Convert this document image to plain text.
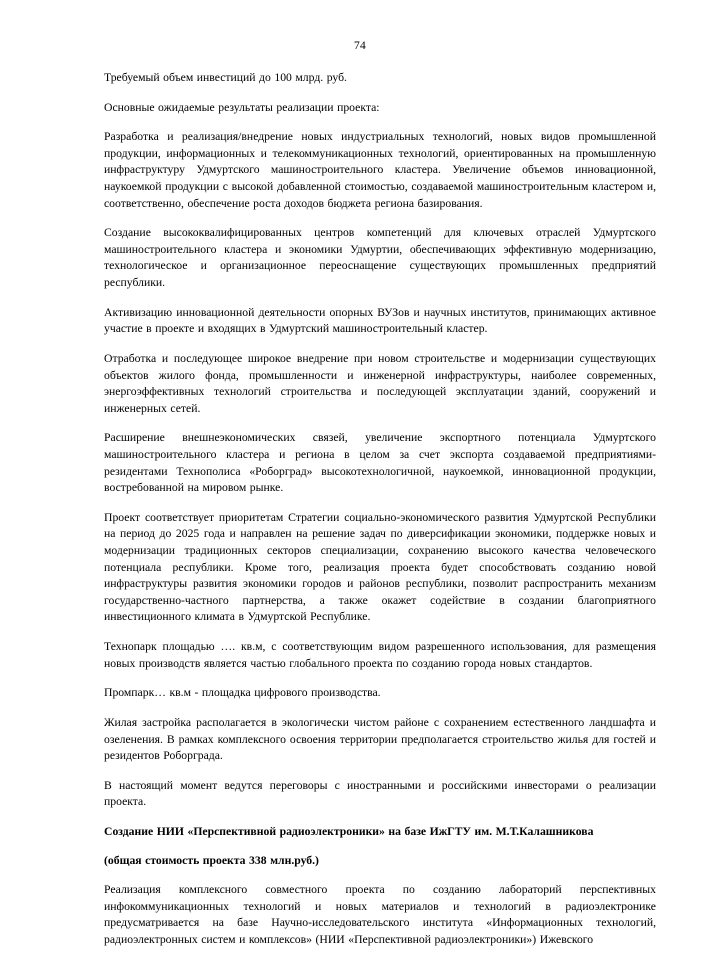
74

Требуемый объем инвестиций до 100 млрд. руб.

Основные ожидаемые результаты реализации проекта:

Разработка и реализация/внедрение новых индустриальных технологий, новых видов промышленной продукции, информационных и телекоммуникационных технологий, ориентированных на промышленную инфраструктуру Удмуртского машиностроительного кластера. Увеличение объемов инновационной, наукоемкой продукции с высокой добавленной стоимостью, создаваемой машиностроительным кластером и, соответственно, обеспечение роста доходов бюджета региона базирования.

Создание высококвалифицированных центров компетенций для ключевых отраслей Удмуртского машиностроительного кластера и экономики Удмуртии, обеспечивающих эффективную модернизацию, технологическое и организационное переоснащение существующих промышленных предприятий республики.

Активизацию инновационной деятельности опорных ВУЗов и научных институтов, принимающих активное участие в проекте и входящих в Удмуртский машиностроительный кластер.

Отработка и последующее широкое внедрение при новом строительстве и модернизации существующих объектов жилого фонда, промышленности и инженерной инфраструктуры, наиболее современных, энергоэффективных технологий строительства и последующей эксплуатации зданий, сооружений и инженерных сетей.

Расширение внешнеэкономических связей, увеличение экспортного потенциала Удмуртского машиностроительного кластера и региона в целом за счет экспорта создаваемой предприятиями-резидентами Технополиса «Роборград» высокотехнологичной, наукоемкой, инновационной продукции, востребованной на мировом рынке.

Проект соответствует приоритетам Стратегии социально-экономического развития Удмуртской Республики на период до 2025 года и направлен на решение задач по диверсификации экономики, поддержке новых и модернизации традиционных секторов специализации, сохранению высокого качества человеческого потенциала республики. Кроме того, реализация проекта будет способствовать созданию новой инфраструктуры развития экономики городов и районов республики, позволит распространить механизм государственно-частного партнерства, а также окажет содействие в создании благоприятного инвестиционного климата в Удмуртской Республике.

Технопарк площадью …. кв.м, с соответствующим видом разрешенного использования, для размещения новых производств является частью глобального проекта по созданию города новых стандартов.

Промпарк… кв.м - площадка цифрового производства.

Жилая застройка располагается в экологически чистом районе с сохранением естественного ландшафта и озеленения. В рамках комплексного освоения территории предполагается строительство жилья для гостей и резидентов Роборграда.

В настоящий момент ведутся переговоры с иностранными и российскими инвесторами о реализации проекта.

Создание НИИ «Перспективной радиоэлектроники» на базе ИжГТУ им. М.Т.Калашникова

(общая стоимость проекта 338 млн.руб.)

Реализация комплексного совместного проекта по созданию лабораторий перспективных инфокоммуникационных технологий и новых материалов и технологий в радиоэлектронике предусматривается на базе Научно-исследовательского института «Информационных технологий, радиоэлектронных систем и комплексов» (НИИ «Перспективной радиоэлектроники») Ижевского
